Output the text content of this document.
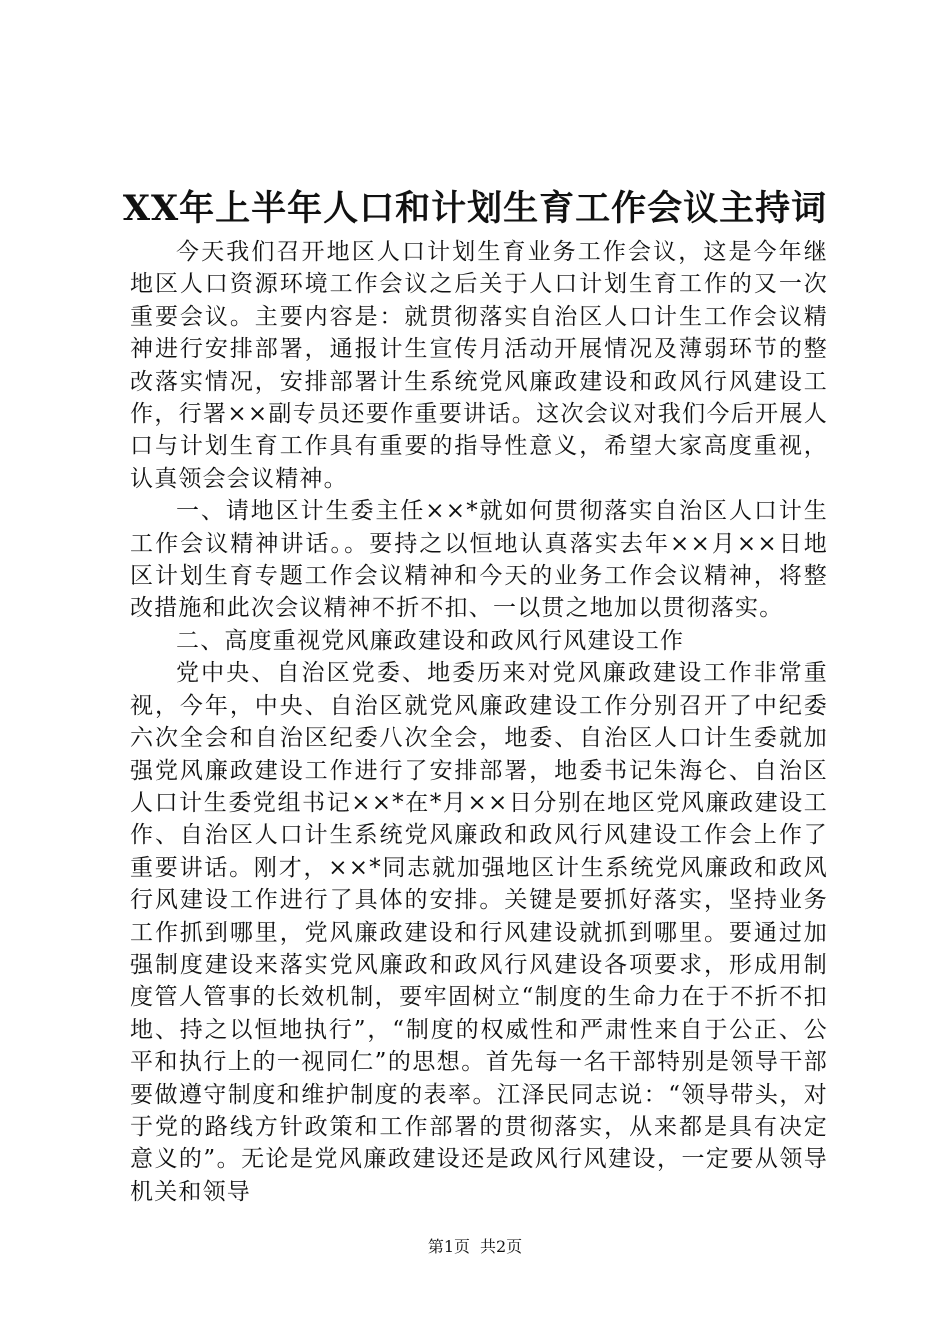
XX年上半年人口和计划生育工作会议主持词

今天我们召开地区人口计划生育业务工作会议，这是今年继地区人口资源环境工作会议之后关于人口计划生育工作的又一次重要会议。主要内容是：就贯彻落实自治区人口计生工作会议精神进行安排部署，通报计生宣传月活动开展情况及薄弱环节的整改落实情况，安排部署计生系统党风廉政建设和政风行风建设工作，行署××副专员还要作重要讲话。这次会议对我们今后开展人口与计划生育工作具有重要的指导性意义，希望大家高度重视，认真领会会议精神。

一、请地区计生委主任××*就如何贯彻落实自治区人口计生工作会议精神讲话。。要持之以恒地认真落实去年××月××日地区计划生育专题工作会议精神和今天的业务工作会议精神，将整改措施和此次会议精神不折不扣、一以贯之地加以贯彻落实。

二、高度重视党风廉政建设和政风行风建设工作

党中央、自治区党委、地委历来对党风廉政建设工作非常重视，今年，中央、自治区就党风廉政建设工作分别召开了中纪委六次全会和自治区纪委八次全会，地委、自治区人口计生委就加强党风廉政建设工作进行了安排部署，地委书记朱海仑、自治区人口计生委党组书记××*在*月××日分别在地区党风廉政建设工作、自治区人口计生系统党风廉政和政风行风建设工作会上作了重要讲话。刚才，××*同志就加强地区计生系统党风廉政和政风行风建设工作进行了具体的安排。关键是要抓好落实，坚持业务工作抓到哪里，党风廉政建设和行风建设就抓到哪里。要通过加强制度建设来落实党风廉政和政风行风建设各项要求，形成用制度管人管事的长效机制，要牢固树立“制度的生命力在于不折不扣地、持之以恒地执行”，“制度的权威性和严肃性来自于公正、公平和执行上的一视同仁”的思想。首先每一名干部特别是领导干部要做遵守制度和维护制度的表率。江泽民同志说：“领导带头，对于党的路线方针政策和工作部署的贯彻落实，从来都是具有决定意义的”。无论是党风廉政建设还是政风行风建设，一定要从领导机关和领导

第1页 共2页
